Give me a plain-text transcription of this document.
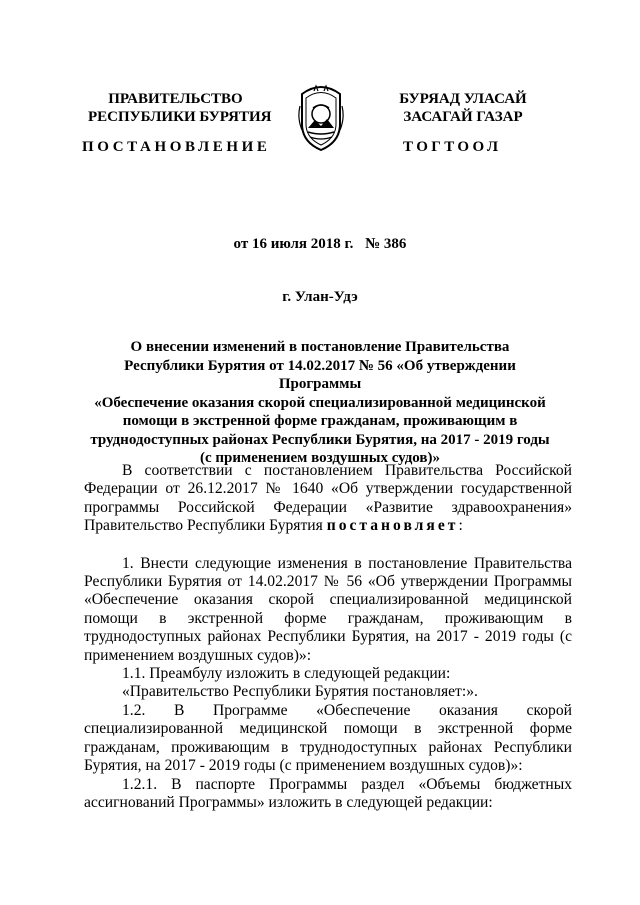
ПРАВИТЕЛЬСТВО
РЕСПУБЛИКИ БУРЯТИЯ
ПОСТАНОВЛЕНИЕ
БУРЯАД УЛАСАЙ
ЗАСАГАЙ ГАЗАР
ТОГТООЛ
от 16 июля 2018 г. № 386
г. Улан-Удэ
О внесении изменений в постановление Правительства
Республики Бурятия от 14.02.2017 № 56 «Об утверждении Программы
«Обеспечение оказания скорой специализированной медицинской
помощи в экстренной форме гражданам, проживающим в
труднодоступных районах Республики Бурятия, на 2017 - 2019 годы
(с применением воздушных судов)»

В соответствии с постановлением Правительства Российской Федерации от 26.12.2017 № 1640 «Об утверждении государственной программы Российской Федерации «Развитие здравоохранения» Правительство Республики Бурятия постановляет:

1. Внести следующие изменения в постановление Правительства Республики Бурятия от 14.02.2017 № 56 «Об утверждении Программы «Обеспечение оказания скорой специализированной медицинской помощи в экстренной форме гражданам, проживающим в труднодоступных районах Республики Бурятия, на 2017 - 2019 годы (с применением воздушных судов)»:

1.1. Преамбулу изложить в следующей редакции:

«Правительство Республики Бурятия постановляет:».

1.2. В Программе «Обеспечение оказания скорой специализированной медицинской помощи в экстренной форме гражданам, проживающим в труднодоступных районах Республики Бурятия, на 2017 - 2019 годы (с применением воздушных судов)»:

1.2.1. В паспорте Программы раздел «Объемы бюджетных ассигнований Программы» изложить в следующей редакции:
